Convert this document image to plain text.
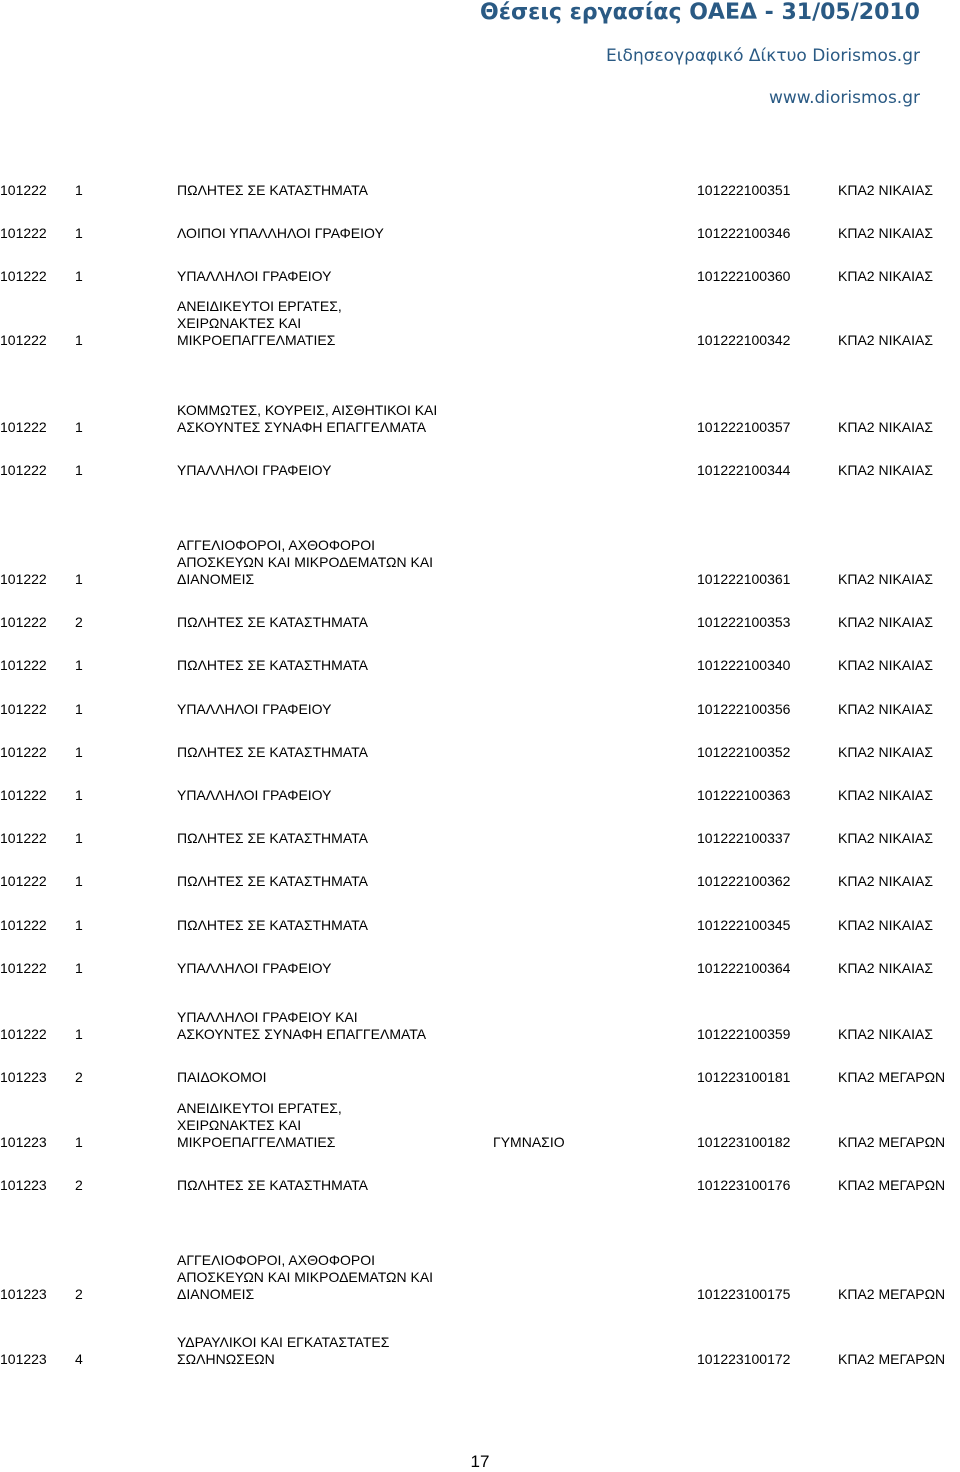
Θέσεις εργασίας ΟΑΕΔ - 31/05/2010
Ειδησεογραφικό Δίκτυο Diorismos.gr
www.diorismos.gr
101222 1	ΠΩΛΗΤΕΣ ΣΕ ΚΑΤΑΣΤΗΜΑΤΑ	101222100351	ΚΠΑ2 ΝΙΚΑΙΑΣ
101222 1	ΛΟΙΠΟΙ ΥΠΑΛΛΗΛΟΙ ΓΡΑΦΕΙΟΥ	101222100346	ΚΠΑ2 ΝΙΚΑΙΑΣ
101222 1	ΥΠΑΛΛΗΛΟΙ ΓΡΑΦΕΙΟΥ	101222100360	ΚΠΑ2 ΝΙΚΑΙΑΣ
101222 1
ΑΝΕΙΔΙΚΕΥΤΟΙ ΕΡΓΑΤΕΣ,
ΧΕΙΡΩΝΑΚΤΕΣ ΚΑΙ
ΜΙΚΡΟΕΠΑΓΓΕΛΜΑΤΙΕΣ	101222100342	ΚΠΑ2 ΝΙΚΑΙΑΣ
101222 1
ΚΟΜΜΩΤΕΣ, ΚΟΥΡΕΙΣ, ΑΙΣΘΗΤΙΚΟΙ ΚΑΙ
ΑΣΚΟΥΝΤΕΣ ΣΥΝΑΦΗ ΕΠΑΓΓΕΛΜΑΤΑ	101222100357	ΚΠΑ2 ΝΙΚΑΙΑΣ
101222 1	ΥΠΑΛΛΗΛΟΙ ΓΡΑΦΕΙΟΥ	101222100344	ΚΠΑ2 ΝΙΚΑΙΑΣ
101222 1
ΑΓΓΕΛΙΟΦΟΡΟΙ, ΑΧΘΟΦΟΡΟΙ
ΑΠΟΣΚΕΥΩΝ ΚΑΙ ΜΙΚΡΟΔΕΜΑΤΩΝ ΚΑΙ
ΔΙΑΝΟΜΕΙΣ	101222100361	ΚΠΑ2 ΝΙΚΑΙΑΣ
101222 2	ΠΩΛΗΤΕΣ ΣΕ ΚΑΤΑΣΤΗΜΑΤΑ	101222100353	ΚΠΑ2 ΝΙΚΑΙΑΣ
101222 1	ΠΩΛΗΤΕΣ ΣΕ ΚΑΤΑΣΤΗΜΑΤΑ	101222100340	ΚΠΑ2 ΝΙΚΑΙΑΣ
101222 1	ΥΠΑΛΛΗΛΟΙ ΓΡΑΦΕΙΟΥ	101222100356	ΚΠΑ2 ΝΙΚΑΙΑΣ
101222 1	ΠΩΛΗΤΕΣ ΣΕ ΚΑΤΑΣΤΗΜΑΤΑ	101222100352	ΚΠΑ2 ΝΙΚΑΙΑΣ
101222 1	ΥΠΑΛΛΗΛΟΙ ΓΡΑΦΕΙΟΥ	101222100363	ΚΠΑ2 ΝΙΚΑΙΑΣ
101222 1	ΠΩΛΗΤΕΣ ΣΕ ΚΑΤΑΣΤΗΜΑΤΑ	101222100337	ΚΠΑ2 ΝΙΚΑΙΑΣ
101222 1	ΠΩΛΗΤΕΣ ΣΕ ΚΑΤΑΣΤΗΜΑΤΑ	101222100362	ΚΠΑ2 ΝΙΚΑΙΑΣ
101222 1	ΠΩΛΗΤΕΣ ΣΕ ΚΑΤΑΣΤΗΜΑΤΑ	101222100345	ΚΠΑ2 ΝΙΚΑΙΑΣ
101222 1	ΥΠΑΛΛΗΛΟΙ ΓΡΑΦΕΙΟΥ	101222100364	ΚΠΑ2 ΝΙΚΑΙΑΣ
101222 1
ΥΠΑΛΛΗΛΟΙ ΓΡΑΦΕΙΟΥ ΚΑΙ
ΑΣΚΟΥΝΤΕΣ ΣΥΝΑΦΗ ΕΠΑΓΓΕΛΜΑΤΑ	101222100359	ΚΠΑ2 ΝΙΚΑΙΑΣ
101223 2	ΠΑΙΔΟΚΟΜΟΙ	101223100181	ΚΠΑ2 ΜΕΓΑΡΩΝ
101223 1
ΑΝΕΙΔΙΚΕΥΤΟΙ ΕΡΓΑΤΕΣ,
ΧΕΙΡΩΝΑΚΤΕΣ ΚΑΙ
ΜΙΚΡΟΕΠΑΓΓΕΛΜΑΤΙΕΣ	ΓΥΜΝΑΣΙΟ	101223100182	ΚΠΑ2 ΜΕΓΑΡΩΝ
101223 2	ΠΩΛΗΤΕΣ ΣΕ ΚΑΤΑΣΤΗΜΑΤΑ	101223100176	ΚΠΑ2 ΜΕΓΑΡΩΝ
101223 2
ΑΓΓΕΛΙΟΦΟΡΟΙ, ΑΧΘΟΦΟΡΟΙ
ΑΠΟΣΚΕΥΩΝ ΚΑΙ ΜΙΚΡΟΔΕΜΑΤΩΝ ΚΑΙ
ΔΙΑΝΟΜΕΙΣ	101223100175	ΚΠΑ2 ΜΕΓΑΡΩΝ
101223 4
ΥΔΡΑΥΛΙΚΟΙ ΚΑΙ ΕΓΚΑΤΑΣΤΑΤΕΣ
ΣΩΛΗΝΩΣΕΩΝ	101223100172	ΚΠΑ2 ΜΕΓΑΡΩΝ
17
